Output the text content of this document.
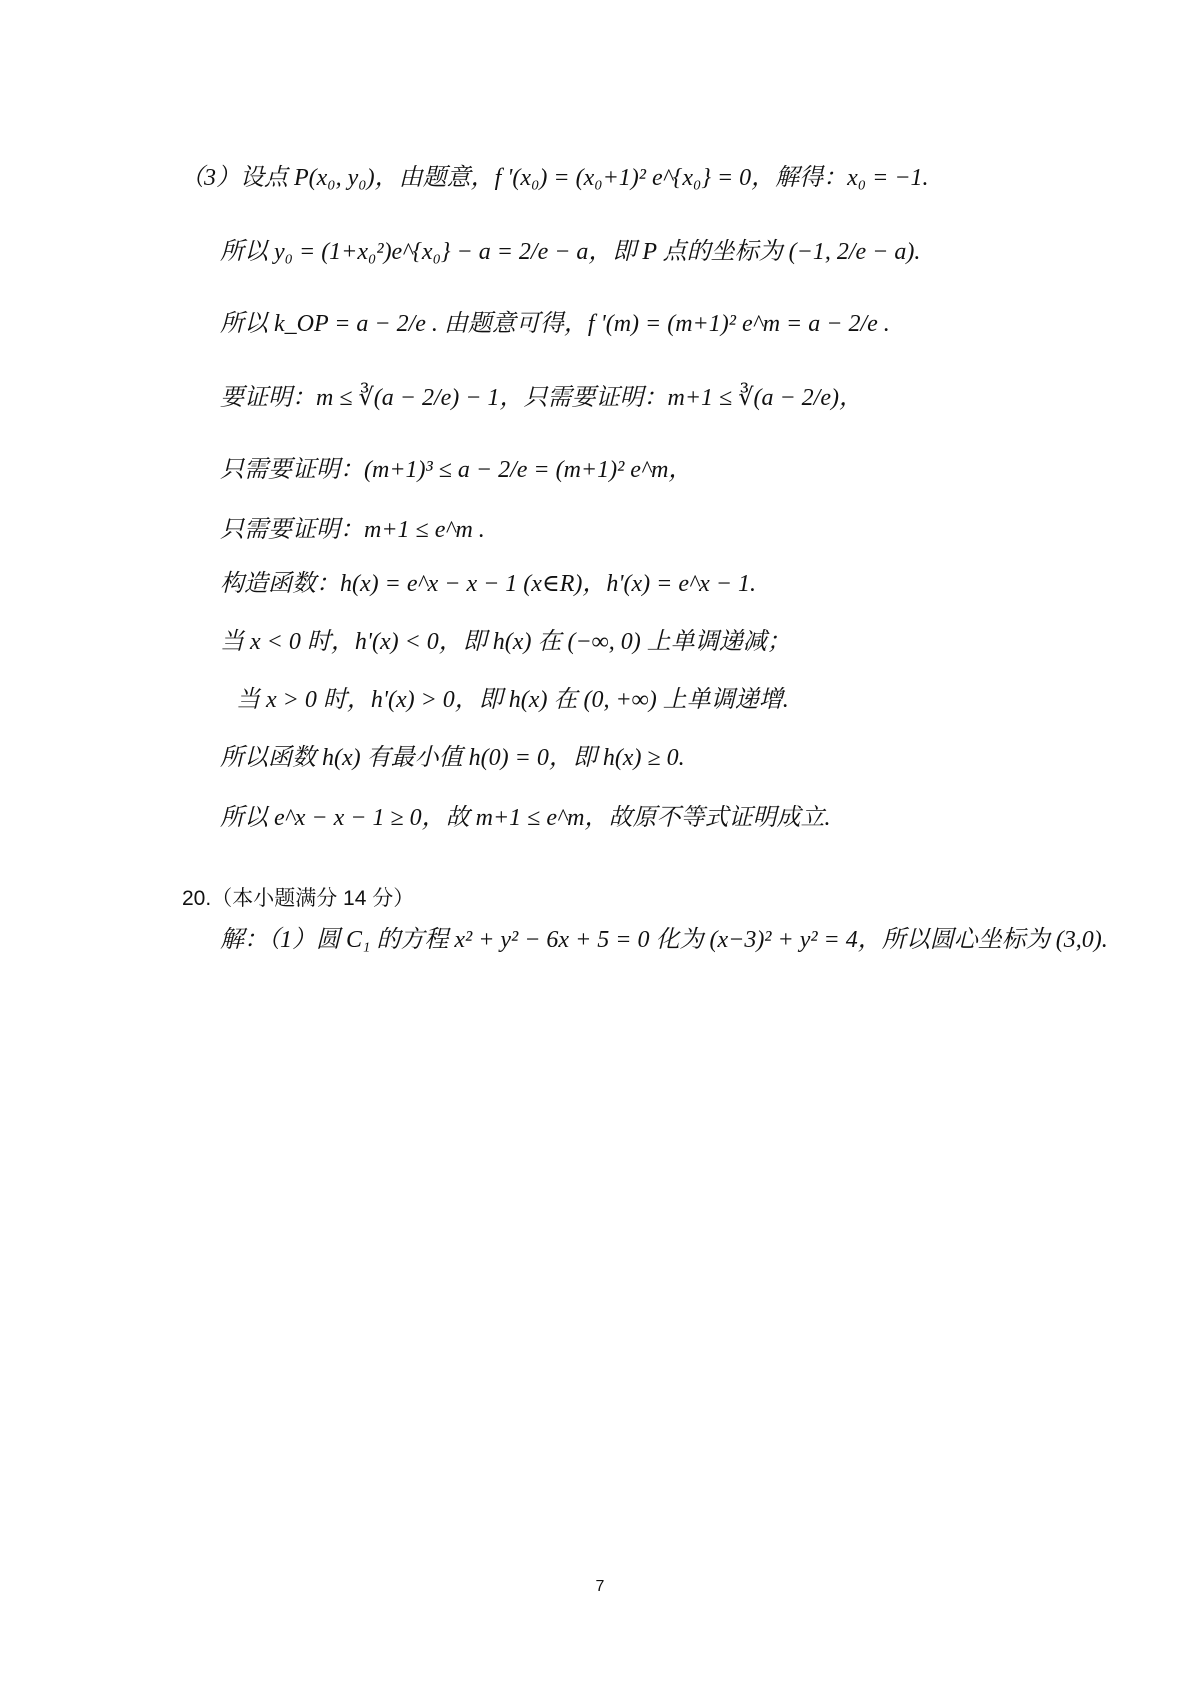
（3）设点 P(x₀, y₀)，由题意，f '(x₀) = (x₀+1)² e^{x₀} = 0，解得：x₀ = −1.
所以 y₀ = (1+x₀²)e^{x₀} − a = 2/e − a，即 P 点的坐标为 (−1, 2/e − a).
所以 k_OP = a − 2/e . 由题意可得，f '(m) = (m+1)² e^m = a − 2/e .
要证明：m ≤ ∛(a − 2/e) − 1，只需要证明：m+1 ≤ ∛(a − 2/e)，
只需要证明：(m+1)³ ≤ a − 2/e = (m+1)² e^m，
只需要证明：m+1 ≤ e^m .
构造函数：h(x) = e^x − x − 1 (x∈R)，h'(x) = e^x − 1.
当 x < 0 时，h'(x) < 0，即 h(x) 在 (−∞, 0) 上单调递减；
当 x > 0 时，h'(x) > 0，即 h(x) 在 (0, +∞) 上单调递增.
所以函数 h(x) 有最小值 h(0) = 0，即 h(x) ≥ 0.
所以 e^x − x − 1 ≥ 0，故 m+1 ≤ e^m，故原不等式证明成立.
20.（本小题满分 14 分）
解：（1）圆 C₁ 的方程 x² + y² − 6x + 5 = 0 化为 (x−3)² + y² = 4，所以圆心坐标为 (3,0).
7
